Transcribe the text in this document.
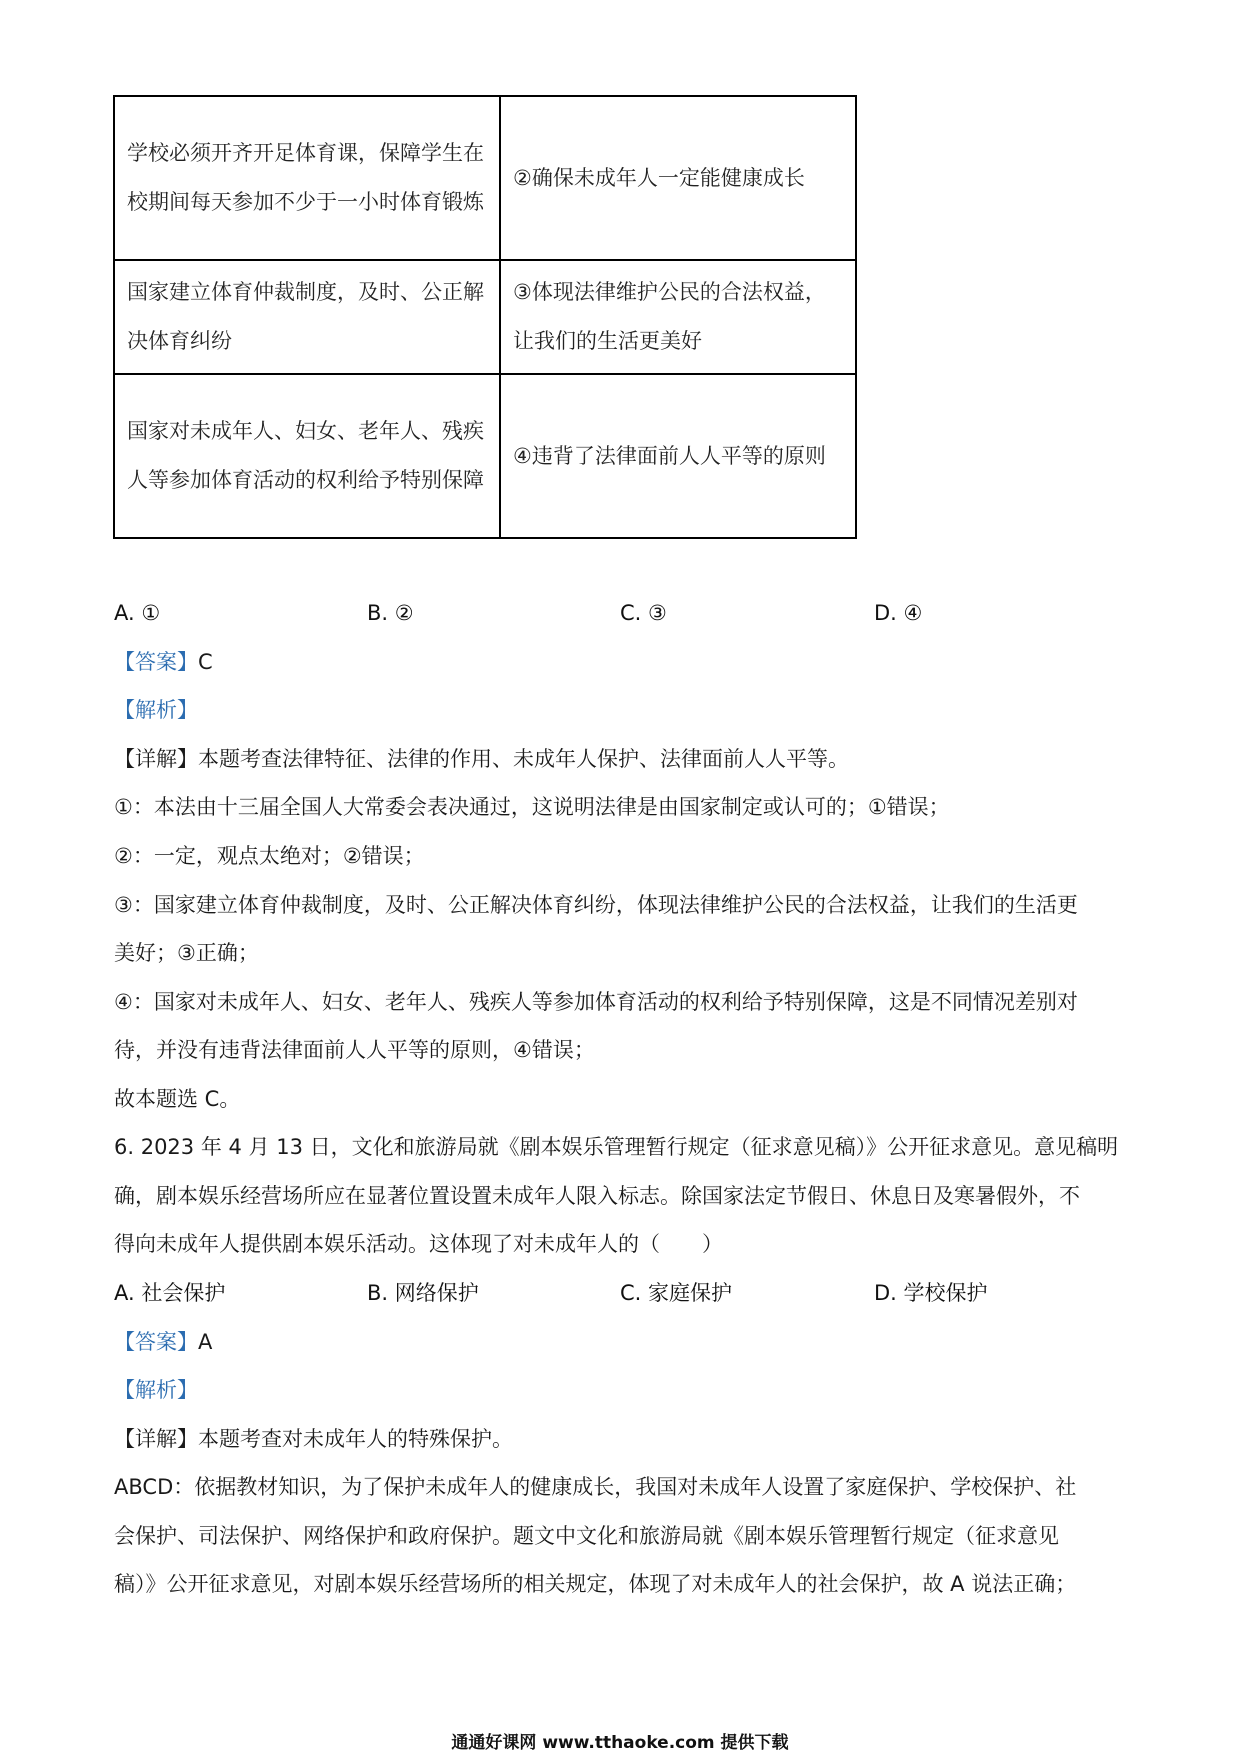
学校必须开齐开足体育课，保障学生在校期间每天参加不少于一小时体育锻炼	②确保未成年人一定能健康成长
国家建立体育仲裁制度，及时、公正解决体育纠纷	③体现法律维护公民的合法权益，让我们的生活更美好
国家对未成年人、妇女、老年人、残疾人等参加体育活动的权利给予特别保障	④违背了法律面前人人平等的原则
A. ①	B. ②	C. ③	D. ④
【答案】C
【解析】
【详解】本题考查法律特征、法律的作用、未成年人保护、法律面前人人平等。
①：本法由十三届全国人大常委会表决通过，这说明法律是由国家制定或认可的；①错误；
②：一定，观点太绝对；②错误；
③：国家建立体育仲裁制度，及时、公正解决体育纠纷，体现法律维护公民的合法权益，让我们的生活更
美好；③正确；
④：国家对未成年人、妇女、老年人、残疾人等参加体育活动的权利给予特别保障，这是不同情况差别对
待，并没有违背法律面前人人平等的原则，④错误；
故本题选 C。
6. 2023 年 4 月 13 日，文化和旅游局就《剧本娱乐管理暂行规定（征求意见稿）》公开征求意见。意见稿明
确，剧本娱乐经营场所应在显著位置设置未成年人限入标志。除国家法定节假日、休息日及寒暑假外，不
得向未成年人提供剧本娱乐活动。这体现了对未成年人的（　　）
A. 社会保护	B. 网络保护	C. 家庭保护	D. 学校保护
【答案】A
【解析】
【详解】本题考查对未成年人的特殊保护。
ABCD：依据教材知识，为了保护未成年人的健康成长，我国对未成年人设置了家庭保护、学校保护、社
会保护、司法保护、网络保护和政府保护。题文中文化和旅游局就《剧本娱乐管理暂行规定（征求意见
稿）》公开征求意见，对剧本娱乐经营场所的相关规定，体现了对未成年人的社会保护，故 A 说法正确；
通通好课网 www.tthaoke.com 提供下载
